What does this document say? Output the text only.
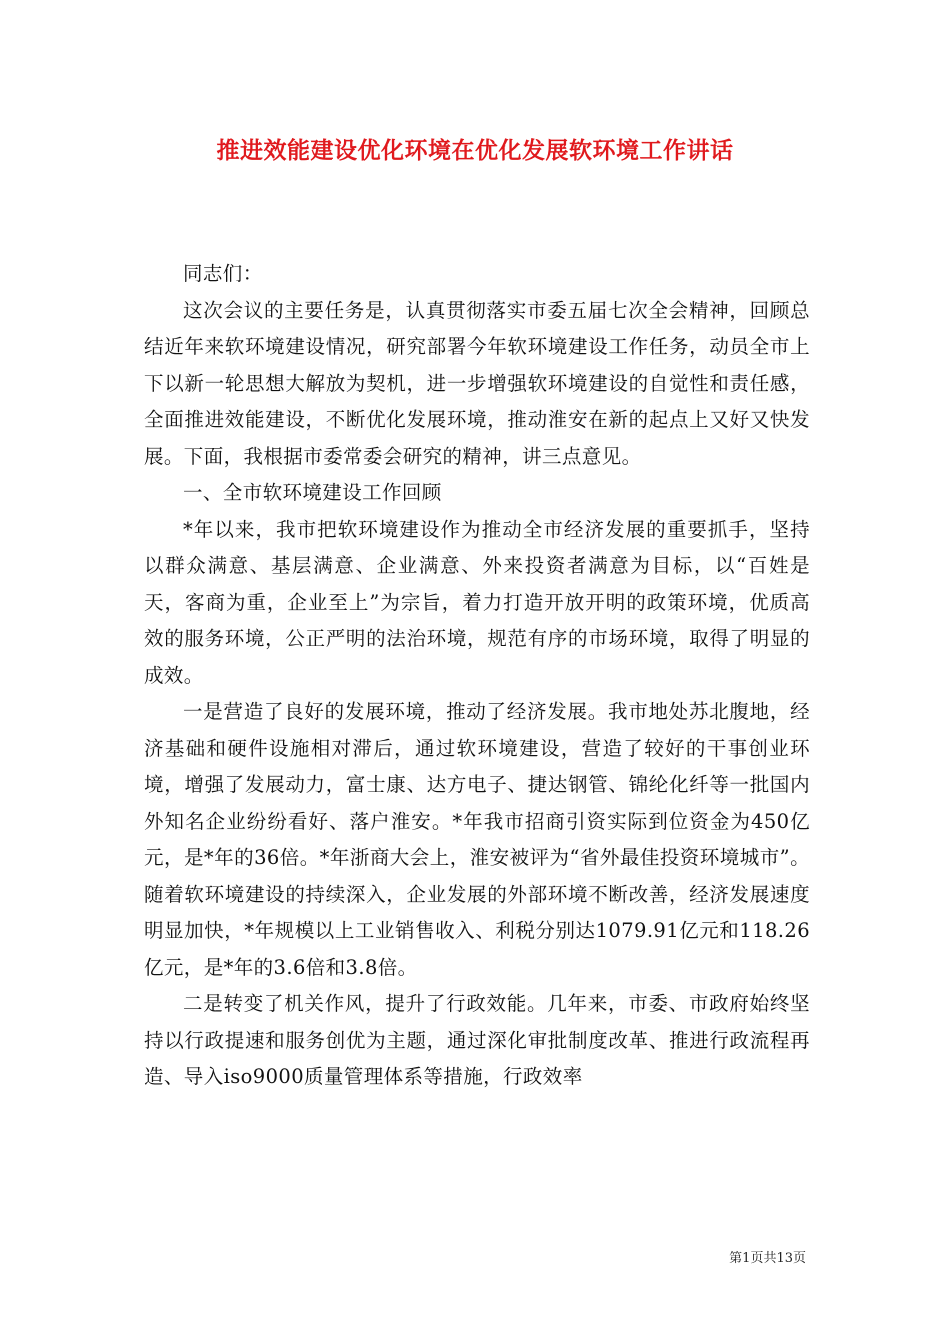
推进效能建设优化环境在优化发展软环境工作讲话

同志们：

这次会议的主要任务是，认真贯彻落实市委五届七次全会精神，回顾总结近年来软环境建设情况，研究部署今年软环境建设工作任务，动员全市上下以新一轮思想大解放为契机，进一步增强软环境建设的自觉性和责任感，全面推进效能建设，不断优化发展环境，推动淮安在新的起点上又好又快发展。下面，我根据市委常委会研究的精神，讲三点意见。

一、全市软环境建设工作回顾

*年以来，我市把软环境建设作为推动全市经济发展的重要抓手，坚持以群众满意、基层满意、企业满意、外来投资者满意为目标，以“百姓是天，客商为重，企业至上”为宗旨，着力打造开放开明的政策环境，优质高效的服务环境，公正严明的法治环境，规范有序的市场环境，取得了明显的成效。

一是营造了良好的发展环境，推动了经济发展。我市地处苏北腹地，经济基础和硬件设施相对滞后，通过软环境建设，营造了较好的干事创业环境，增强了发展动力，富士康、达方电子、捷达钢管、锦纶化纤等一批国内外知名企业纷纷看好、落户淮安。*年我市招商引资实际到位资金为450亿元，是*年的36倍。*年浙商大会上，淮安被评为“省外最佳投资环境城市”。随着软环境建设的持续深入，企业发展的外部环境不断改善，经济发展速度明显加快，*年规模以上工业销售收入、利税分别达1079.91亿元和118.26亿元，是*年的3.6倍和3.8倍。

二是转变了机关作风，提升了行政效能。几年来，市委、市政府始终坚持以行政提速和服务创优为主题，通过深化审批制度改革、推进行政流程再造、导入iso9000质量管理体系等措施，行政效率

第1页共13页
